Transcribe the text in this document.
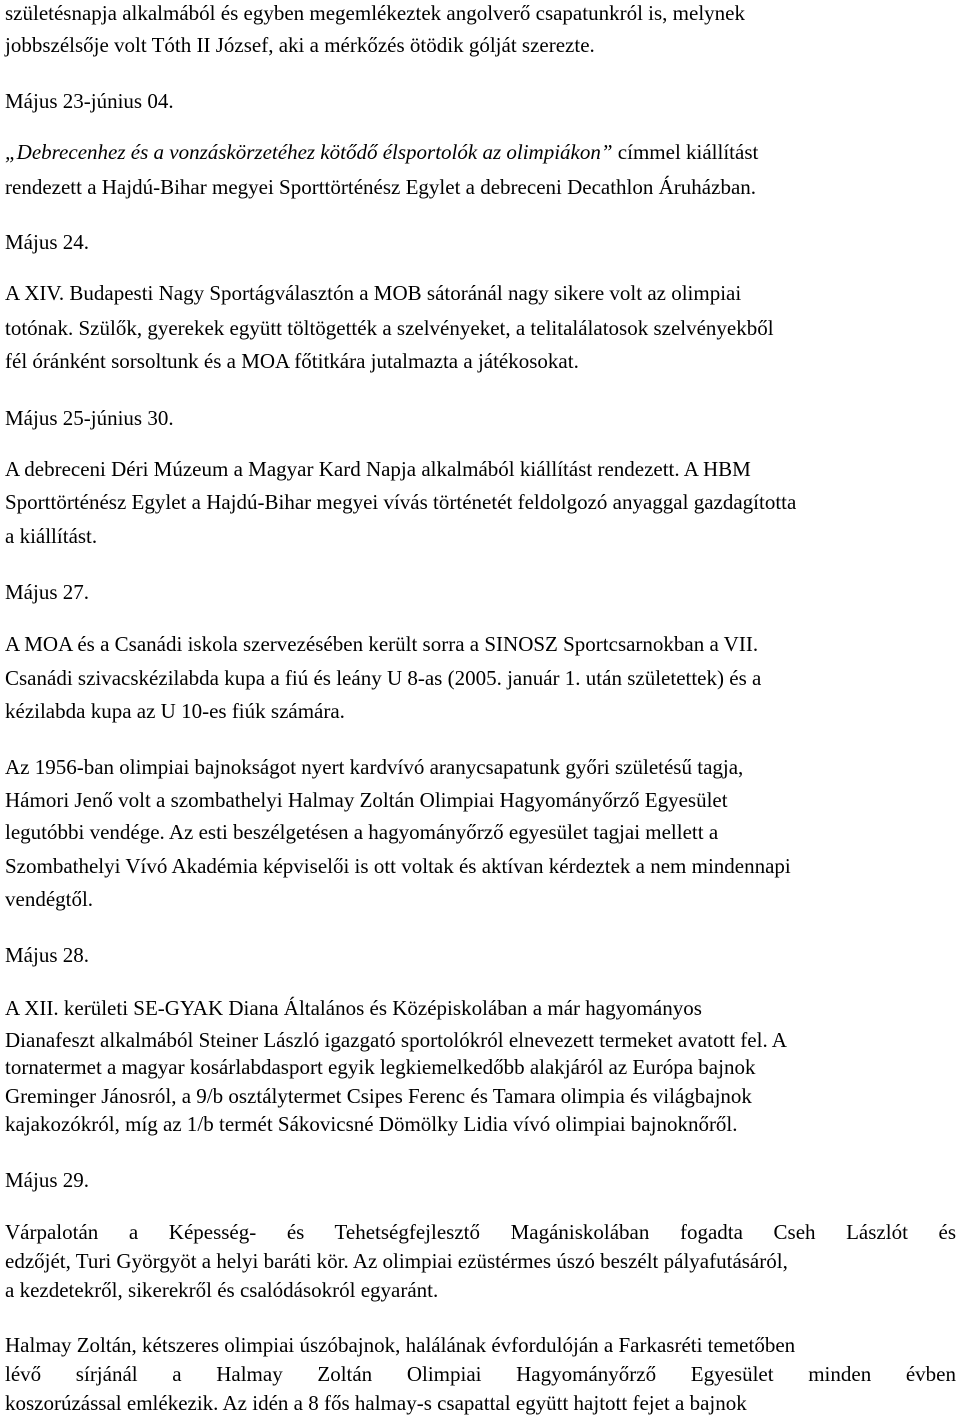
születésnapja alkalmából és egyben megemlékeztek angolverő csapatunkról is, melynek
jobbszélsője volt Tóth II József, aki a mérkőzés ötödik gólját szerezte.
Május 23-június 04.
„Debrecenhez és a vonzáskörzetéhez kötődő élsportolók az olimpiákon” címmel kiállítást
rendezett a Hajdú-Bihar megyei Sporttörténész Egylet a debreceni Decathlon Áruházban.
Május 24.
A XIV. Budapesti Nagy Sportágválasztón a MOB sátoránál nagy sikere volt az olimpiai
totónak. Szülők, gyerekek együtt töltögették a szelvényeket, a telitalálatosok szelvényekből
fél óránként sorsoltunk és a MOA főtitkára jutalmazta a játékosokat.
Május 25-június 30.
A debreceni Déri Múzeum a Magyar Kard Napja alkalmából kiállítást rendezett. A HBM
Sporttörténész Egylet a Hajdú-Bihar megyei vívás történetét feldolgozó anyaggal gazdagította
a kiállítást.
Május 27.
A MOA és a Csanádi iskola szervezésében került sorra a SINOSZ Sportcsarnokban a VII.
Csanádi szivacskézilabda kupa a fiú és leány U 8-as (2005. január 1. után születettek) és a
kézilabda kupa az U 10-es fiúk számára.
Az 1956-ban olimpiai bajnokságot nyert kardvívó aranycsapatunk győri születésű tagja,
Hámori Jenő volt a szombathelyi Halmay Zoltán Olimpiai Hagyományőrző Egyesület
legutóbbi vendége. Az esti beszélgetésen a hagyományőrző egyesület tagjai mellett a
Szombathelyi Vívó Akadémia képviselői is ott voltak és aktívan kérdeztek a nem mindennapi
vendégtől.
Május 28.
A XII. kerületi SE-GYAK Diana Általános és Középiskolában a már hagyományos
Dianafeszt alkalmából Steiner László igazgató sportolókról elnevezett termeket avatott fel. A
tornatermet a magyar kosárlabdasport egyik legkiemelkedőbb alakjáról az Európa bajnok
Greminger Jánosról, a 9/b osztálytermet Csipes Ferenc és Tamara olimpia és világbajnok
kajakozókról, míg az 1/b termét Sákovicsné Dömölky Lidia vívó olimpiai bajnoknőről.
Május 29.
Várpalotán a Képesség- és Tehetségfejlesztő Magániskolában fogadta Cseh Lászlót és
edzőjét, Turi Györgyöt a helyi baráti kör. Az olimpiai ezüstérmes úszó beszélt pályafutásáról,
a kezdetekről, sikerekről és csalódásokról egyaránt.
Halmay Zoltán, kétszeres olimpiai úszóbajnok, halálának évfordulóján a Farkasréti temetőben
lévő sírjánál a Halmay Zoltán Olimpiai Hagyományőrző Egyesület minden évben
koszorúzással emlékezik. Az idén a 8 fős halmay-s csapattal együtt hajtott fejet a bajnok
